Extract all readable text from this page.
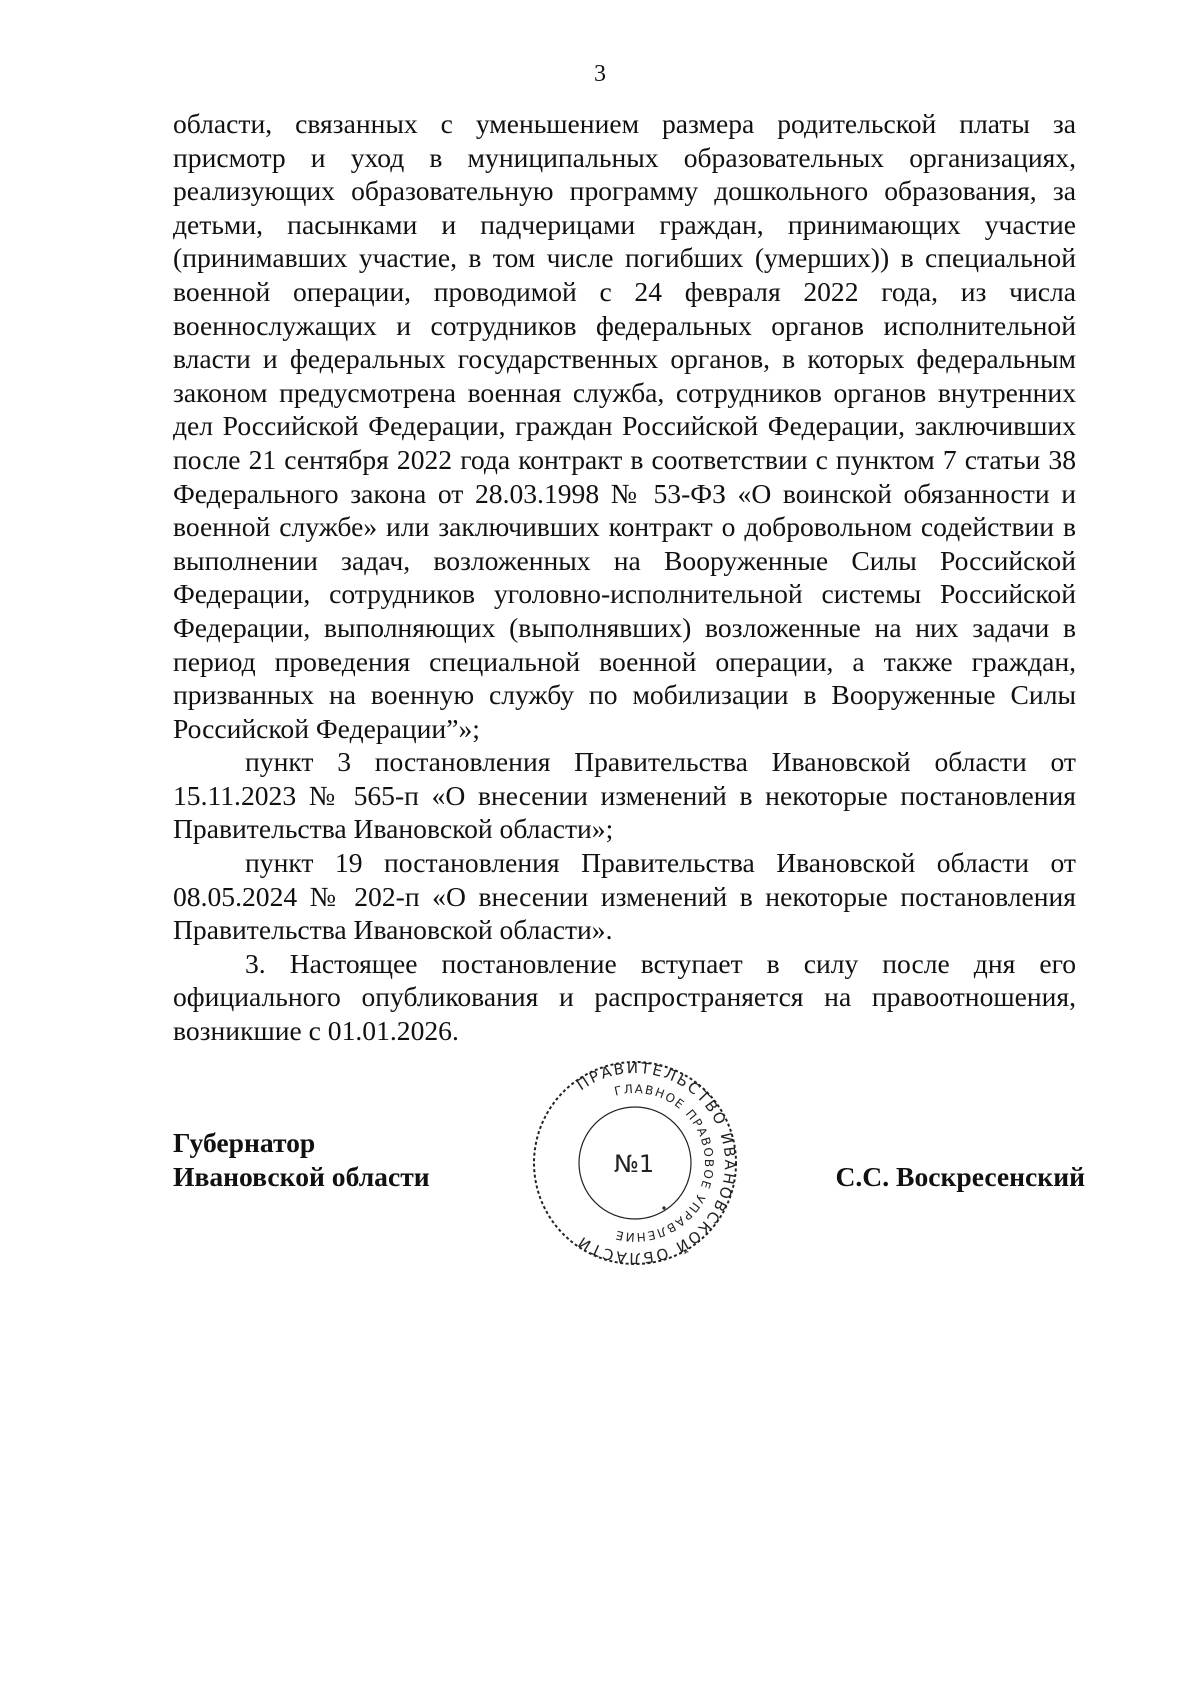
3

области, связанных с уменьшением размера родительской платы за присмотр и уход в муниципальных образовательных организациях, реализующих образовательную программу дошкольного образования, за детьми, пасынками и падчерицами граждан, принимающих участие (принимавших участие, в том числе погибших (умерших)) в специальной военной операции, проводимой с 24 февраля 2022 года, из числа военнослужащих и сотрудников федеральных органов исполнительной власти и федеральных государственных органов, в которых федеральным законом предусмотрена военная служба, сотрудников органов внутренних дел Российской Федерации, граждан Российской Федерации, заключивших после 21 сентября 2022 года контракт в соответствии с пунктом 7 статьи 38 Федерального закона от 28.03.1998 № 53-ФЗ «О воинской обязанности и военной службе» или заключивших контракт о добровольном содействии в выполнении задач, возложенных на Вооруженные Силы Российской Федерации, сотрудников уголовно-исполнительной системы Российской Федерации, выполняющих (выполнявших) возложенные на них задачи в период проведения специальной военной операции, а также граждан, призванных на военную службу по мобилизации в Вооруженные Силы Российской Федерации”»;

пункт 3 постановления Правительства Ивановской области от 15.11.2023 № 565-п «О внесении изменений в некоторые постановления Правительства Ивановской области»;

пункт 19 постановления Правительства Ивановской области от 08.05.2024 № 202-п «О внесении изменений в некоторые постановления Правительства Ивановской области».

3. Настоящее постановление вступает в силу после дня его официального опубликования и распространяется на правоотношения, возникшие с 01.01.2026.

Губернатор
Ивановской области
ПРАВИТЕЛЬСТВО ИВАНОВСКОЙ ОБЛАСТИ
ГЛАВНОЕ ПРАВОВОЕ УПРАВЛЕНИЕ
№1	С.С. Воскресенский
